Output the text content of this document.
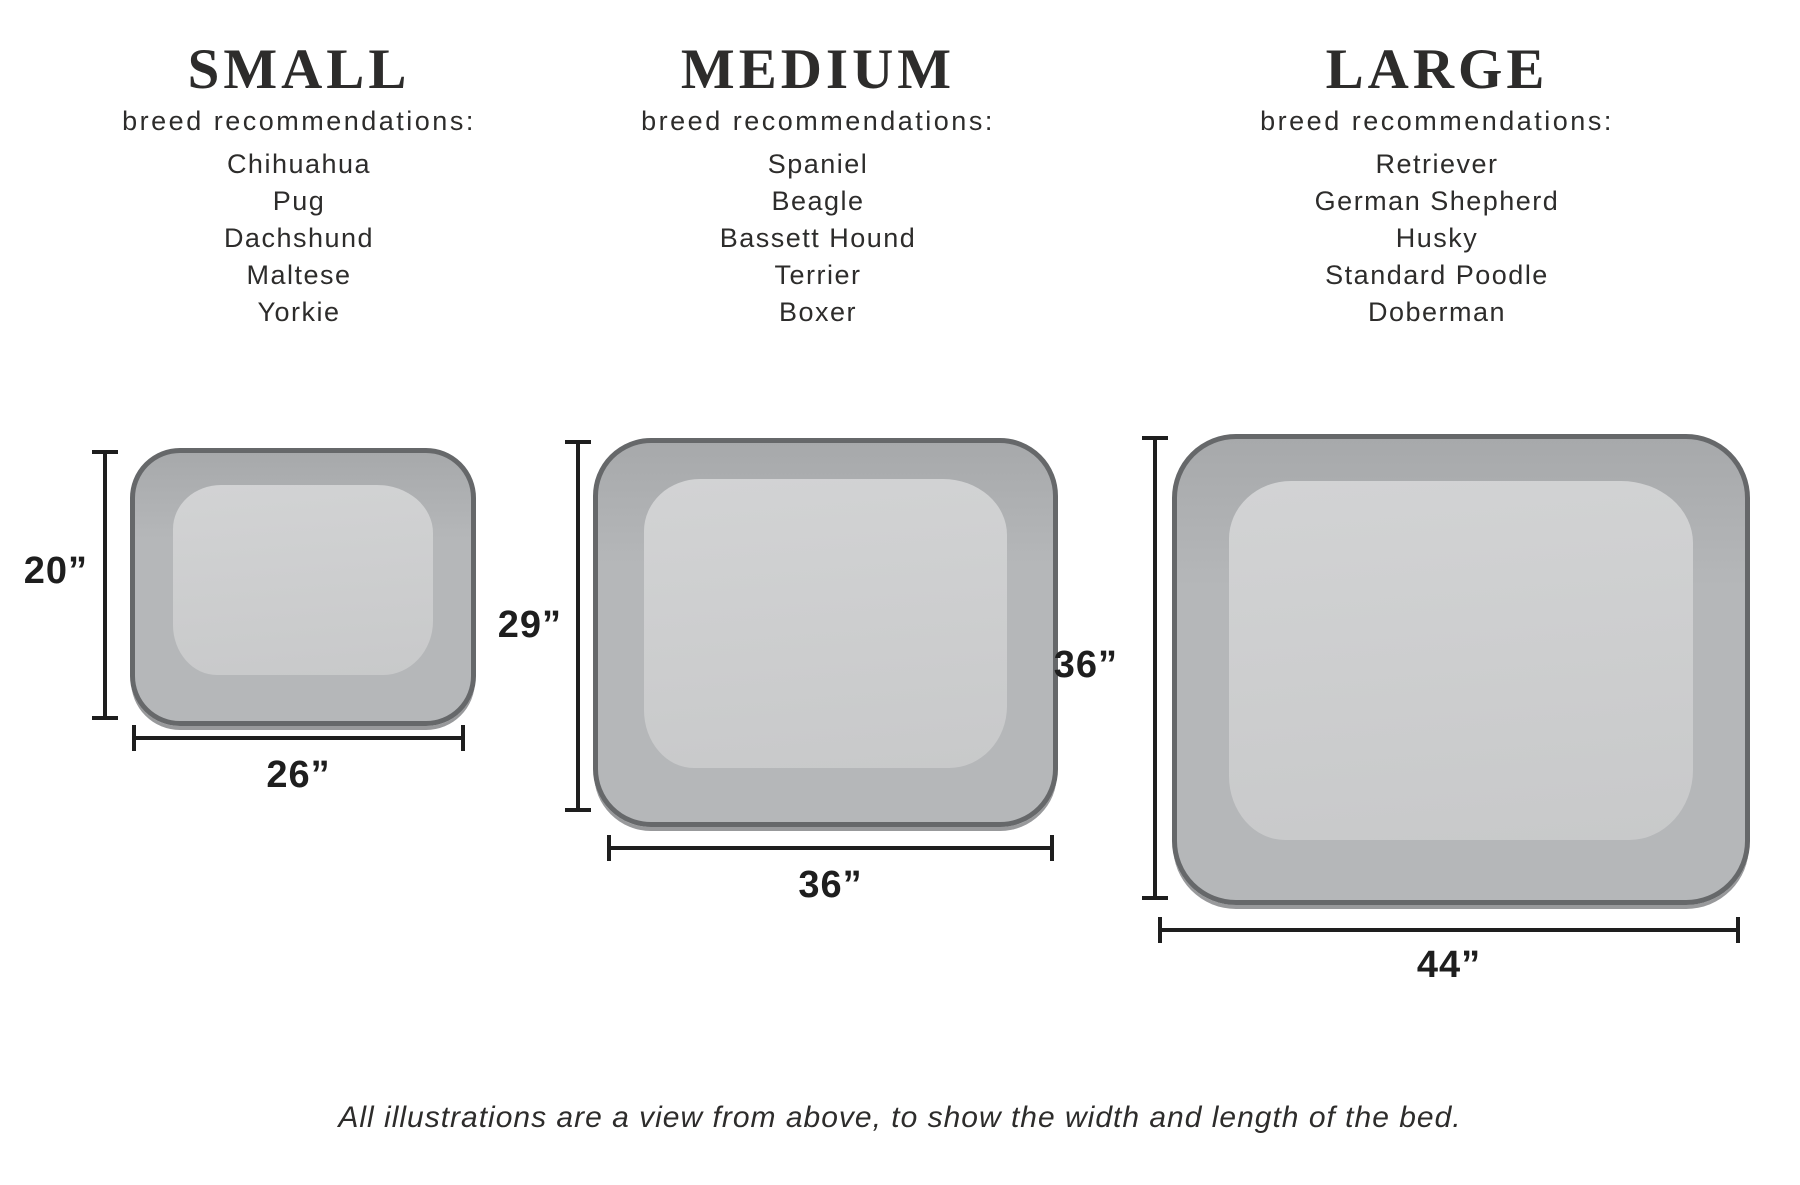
SMALL
breed recommendations:
Chihuahua
Pug
Dachshund
Maltese
Yorkie
MEDIUM
breed recommendations:
Spaniel
Beagle
Bassett Hound
Terrier
Boxer
LARGE
breed recommendations:
Retriever
German Shepherd
Husky
Standard Poodle
Doberman
20”
26”
29”
36”
36”
44”
All illustrations are a view from above, to show the width and length of the bed.
